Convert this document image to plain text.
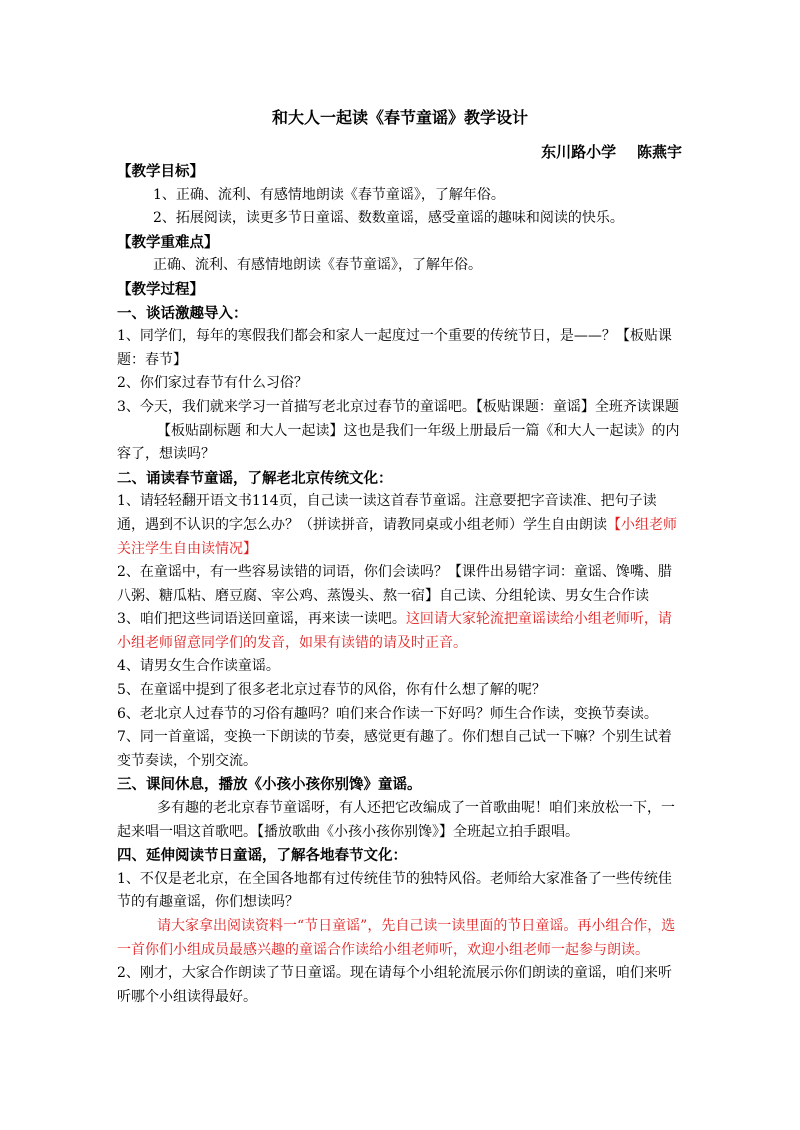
和大人一起读《春节童谣》教学设计
东川路小学    陈燕宇

【教学目标】

1、正确、流利、有感情地朗读《春节童谣》，了解年俗。

2、拓展阅读，读更多节日童谣、数数童谣，感受童谣的趣味和阅读的快乐。

【教学重难点】

正确、流利、有感情地朗读《春节童谣》，了解年俗。

【教学过程】

一、谈话激趣导入：

1、同学们，每年的寒假我们都会和家人一起度过一个重要的传统节日，是——？【板贴课题：春节】

2、你们家过春节有什么习俗？

3、今天，我们就来学习一首描写老北京过春节的童谣吧。【板贴课题：童谣】全班齐读课题

【板贴副标题 和大人一起读】这也是我们一年级上册最后一篇《和大人一起读》的内容了，想读吗？

二、诵读春节童谣，了解老北京传统文化：

1、请轻轻翻开语文书114页，自己读一读这首春节童谣。注意要把字音读准、把句子读通，遇到不认识的字怎么办？（拼读拼音，请教同桌或小组老师）学生自由朗读【小组老师关注学生自由读情况】

2、在童谣中，有一些容易读错的词语，你们会读吗？【课件出易错字词：童谣、馋嘴、腊八粥、糖瓜粘、磨豆腐、宰公鸡、蒸馒头、熬一宿】自己读、分组轮读、男女生合作读

3、咱们把这些词语送回童谣，再来读一读吧。这回请大家轮流把童谣读给小组老师听，请小组老师留意同学们的发音，如果有读错的请及时正音。

4、请男女生合作读童谣。

5、在童谣中提到了很多老北京过春节的风俗，你有什么想了解的呢？

6、老北京人过春节的习俗有趣吗？咱们来合作读一下好吗？师生合作读，变换节奏读。

7、同一首童谣，变换一下朗读的节奏，感觉更有趣了。你们想自己试一下嘛？个别生试着变节奏读，个别交流。

三、课间休息，播放《小孩小孩你别馋》童谣。

多有趣的老北京春节童谣呀，有人还把它改编成了一首歌曲呢！咱们来放松一下，一起来唱一唱这首歌吧。【播放歌曲《小孩小孩你别馋》】全班起立拍手跟唱。

四、延伸阅读节日童谣，了解各地春节文化：

1、不仅是老北京，在全国各地都有过传统佳节的独特风俗。老师给大家准备了一些传统佳节的有趣童谣，你们想读吗？

请大家拿出阅读资料一“节日童谣”，先自己读一读里面的节日童谣。再小组合作，选一首你们小组成员最感兴趣的童谣合作读给小组老师听，欢迎小组老师一起参与朗读。

2、刚才，大家合作朗读了节日童谣。现在请每个小组轮流展示你们朗读的童谣，咱们来听听哪个小组读得最好。
